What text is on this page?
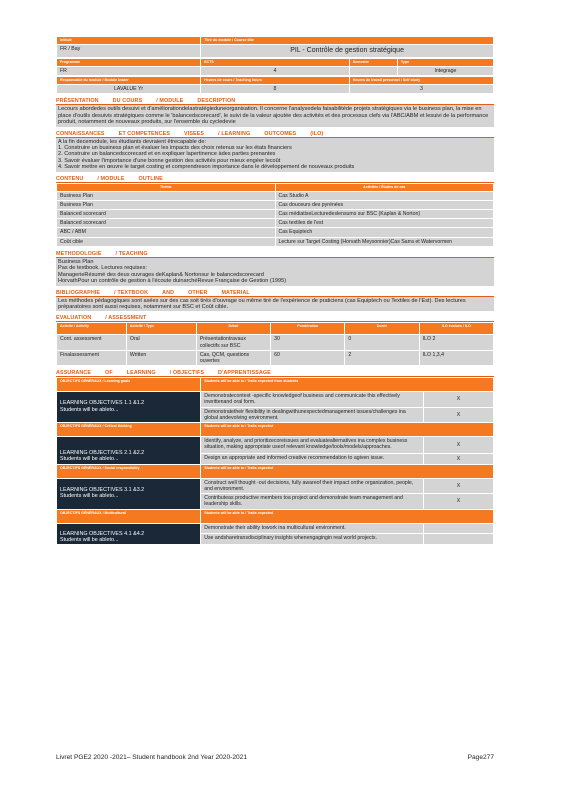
Intitulé	Titre du module / Course title
FR / Bay	PIL - Contrôle de gestion stratégique
Programme	ECTS	Semestre	Type
FR	4		Integrage
Responsable du module / Module leader	Heures de cours / Teaching hours	Heures de travail personnel / Self study
LAVALUE Yr	8	3
PRÉSENTATION	DU COURS	/ MODULE	DESCRIPTION
Lecours abordedes outils desuivi et d'améliorationdelastratégieduneorganisation. Il concerne l'analysedela faisabilitéde projets stratégiques via le business plan, la mise en place d'outils desuivis stratégiques comme le 'balancedscorecard', le suivi de la valeur ajoutée des activités et des processus clefs via l'ABC/ABM et lesuivi de la performance produit, notamment de nouveaux produits, sur l'ensemble du cycledevie
CONNAISSANCES	ET COMPETENCES	VISEES	/ LEARNING	OUTCOMES	(ILO)

A la fin decemodule, les étudiants devraient êtrecapable de:

1. Construire un business plan et évaluer les impacts des choix retenus sur les états financiers

2. Construire un balancedscorecard et en expliquer lapertinence àdes parties prenantes

3. Savoir évaluer l'importance d'une bonne gestion des activités pour mieux engéer lecoût

4. Savoir mettre en œuvre le target costing et comprendreson importance dans le développement de nouveaux produits

CONTENU	/ MODULE	OUTLINE
Thème	Activités / Études de cas
Business Plan	Cas Studio A
Business Plan	Cas douceurs des pyrénées
Balanced scorecard	Cas médiatiseLecturedeslensums sur BSC (Kaplan & Norton)
Balanced scorecard	Cas textiles de l'est
ABC / ABM	Cas Equiptech
Coût cible	Lecture sur Target Costing (Horvath Meysonnier)Cas Sarra et Watervormen
METHODOLOGIE	/ TEACHING

Business Plan

Pas de textbook. Lectures requises:

ManagerieRésumé des deux ouvrages deKaplan& Nortonsur le balancedscorecard

HorvathPour un contrôle de gestion à l'écoute duinarchéRevue Française de Gestion (1995)

BIBLIOGRAPHIE	/ TEXTBOOK	AND	OTHER	MATERIAL
Les méthodes pédagogiques sont axées sur des cas soit tirés d'ouvrage ou même tiré de l'expérience de praticiens (cas Equiptech ou Textiles de l'Est). Des lectures préparatoires sont aussi requises, notamment sur BSC et Coût cible.
EVALUATION	/ ASSESSMENT
Activité / Activity	Activité / Type	Détail	Pondération	Durée	ILO évalués / ILO
Cont. assessment	Oral	Présentationtravaux collectifs sur BSC	30	0	ILO 2
Finalassessment	Written	Cas, QCM, questions ouvertes	60	2	ILO 1,3,4
ASSURANCE	OF	LEARNING	/ OBJECTIFS	D'APPRENTISSAGE
OBJECTIFS GÉNÉRAUX / Learning goals	Students will be able to / Traits expected from students	

LEARNING OBJECTIVES 1.1 &1.2
Students will be ableto...	Demonstratecontext -specific knowledgeof business and communicate this effectively inwrittenand oral form.	X
	Demonstratetheir flexibility in dealingwithunexpectedmanagement issues/challenges ina global andevolving environment.	X
OBJECTIFS GÉNÉRAUX / Critical thinking	Students will be able to / Traits expected	

LEARNING OBJECTIVES 2.1 &2.2
Students will be ableto...	Identify, analyze, and prioritizecoreissues and evaluatealternatives ina complex business situation, making appropriate useof relevant knowledge/tools/models/approaches.	X
	Design an appropriate and informed creative recommendation to agiven issue.	X
OBJECTIFS GÉNÉRAUX / Social responsibility	Students will be able to / Traits expected	

LEARNING OBJECTIVES 3.1 &3.2
Students will be ableto...	Construct well thought -out decisions, fully awareof their impact onthe organization, people, and environment.	X
	Contributeas productive members toa project and demonstrate team management and leadership skills.	X
OBJECTIFS GÉNÉRAUX / Multicultural	Students will be able to / Traits expected	

LEARNING OBJECTIVES 4.1 &4.2
Students will be ableto...	Demonstrate their ability towork ina multicultural environment.	
	Use andsharetransdisciplinary insights whenengagingin real world projects.	
Livret PGE2 2020 -2021– Student handbook 2nd Year 2020-2021	Page277
